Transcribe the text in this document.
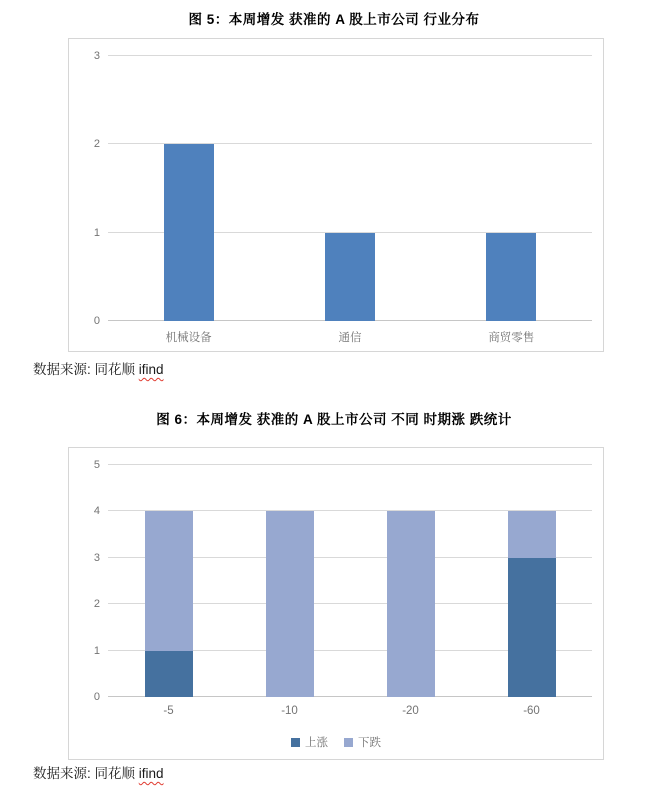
图 5：本周增发 获准的 A 股上市公司 行业分布
0
1
2
3
机械设备	通信	商贸零售
数据来源: 同花顺 ifind
图 6：本周增发 获准的 A 股上市公司 不同 时期涨 跌统计
0
1
2
3
4
5
-5	-10	-20	-60
上涨	下跌
数据来源: 同花顺 ifind
